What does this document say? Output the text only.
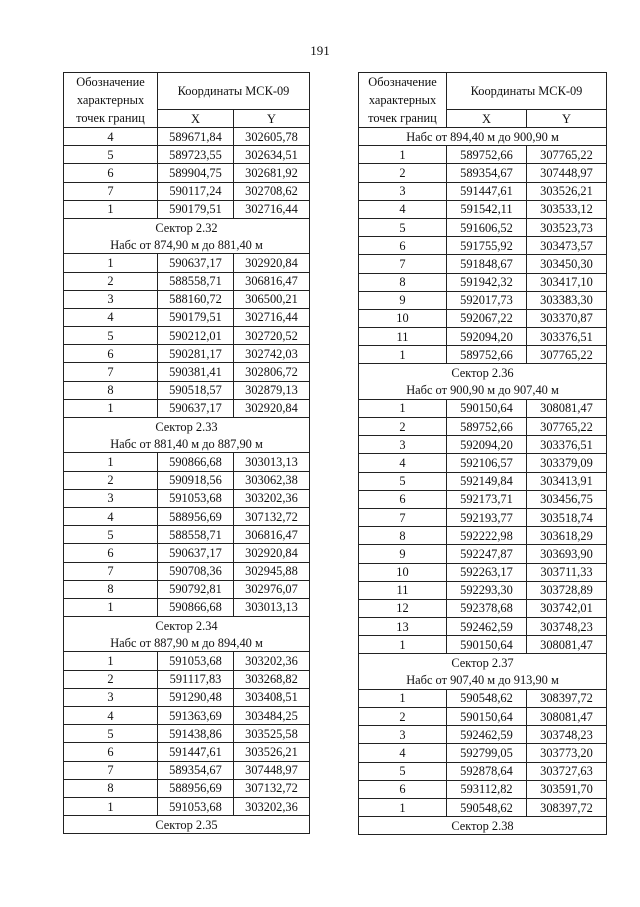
191
Обозначение характерных точек границ	Координаты МСК-09	
	X	Y
4	589671,84	302605,78
5	589723,55	302634,51
6	589904,75	302681,92
7	590117,24	302708,62
1	590179,51	302716,44
Сектор 2.32		
Набс от 874,90 м до 881,40 м		
1	590637,17	302920,84
2	588558,71	306816,47
3	588160,72	306500,21
4	590179,51	302716,44
5	590212,01	302720,52
6	590281,17	302742,03
7	590381,41	302806,72
8	590518,57	302879,13
1	590637,17	302920,84
Сектор 2.33		
Набс от 881,40 м до 887,90 м		
1	590866,68	303013,13
2	590918,56	303062,38
3	591053,68	303202,36
4	588956,69	307132,72
5	588558,71	306816,47
6	590637,17	302920,84
7	590708,36	302945,88
8	590792,81	302976,07
1	590866,68	303013,13
Сектор 2.34		
Набс от 887,90 м до 894,40 м		
1	591053,68	303202,36
2	591117,83	303268,82
3	591290,48	303408,51
4	591363,69	303484,25
5	591438,86	303525,58
6	591447,61	303526,21
7	589354,67	307448,97
8	588956,69	307132,72
1	591053,68	303202,36
Сектор 2.35		
Обозначение характерных точек границ	Координаты МСК-09	
	X	Y
Набс от 894,40 м до 900,90 м		
1	589752,66	307765,22
2	589354,67	307448,97
3	591447,61	303526,21
4	591542,11	303533,12
5	591606,52	303523,73
6	591755,92	303473,57
7	591848,67	303450,30
8	591942,32	303417,10
9	592017,73	303383,30
10	592067,22	303370,87
11	592094,20	303376,51
1	589752,66	307765,22
Сектор 2.36		
Набс от 900,90 м до 907,40 м		
1	590150,64	308081,47
2	589752,66	307765,22
3	592094,20	303376,51
4	592106,57	303379,09
5	592149,84	303413,91
6	592173,71	303456,75
7	592193,77	303518,74
8	592222,98	303618,29
9	592247,87	303693,90
10	592263,17	303711,33
11	592293,30	303728,89
12	592378,68	303742,01
13	592462,59	303748,23
1	590150,64	308081,47
Сектор 2.37		
Набс от 907,40 м до 913,90 м		
1	590548,62	308397,72
2	590150,64	308081,47
3	592462,59	303748,23
4	592799,05	303773,20
5	592878,64	303727,63
6	593112,82	303591,70
1	590548,62	308397,72
Сектор 2.38		
